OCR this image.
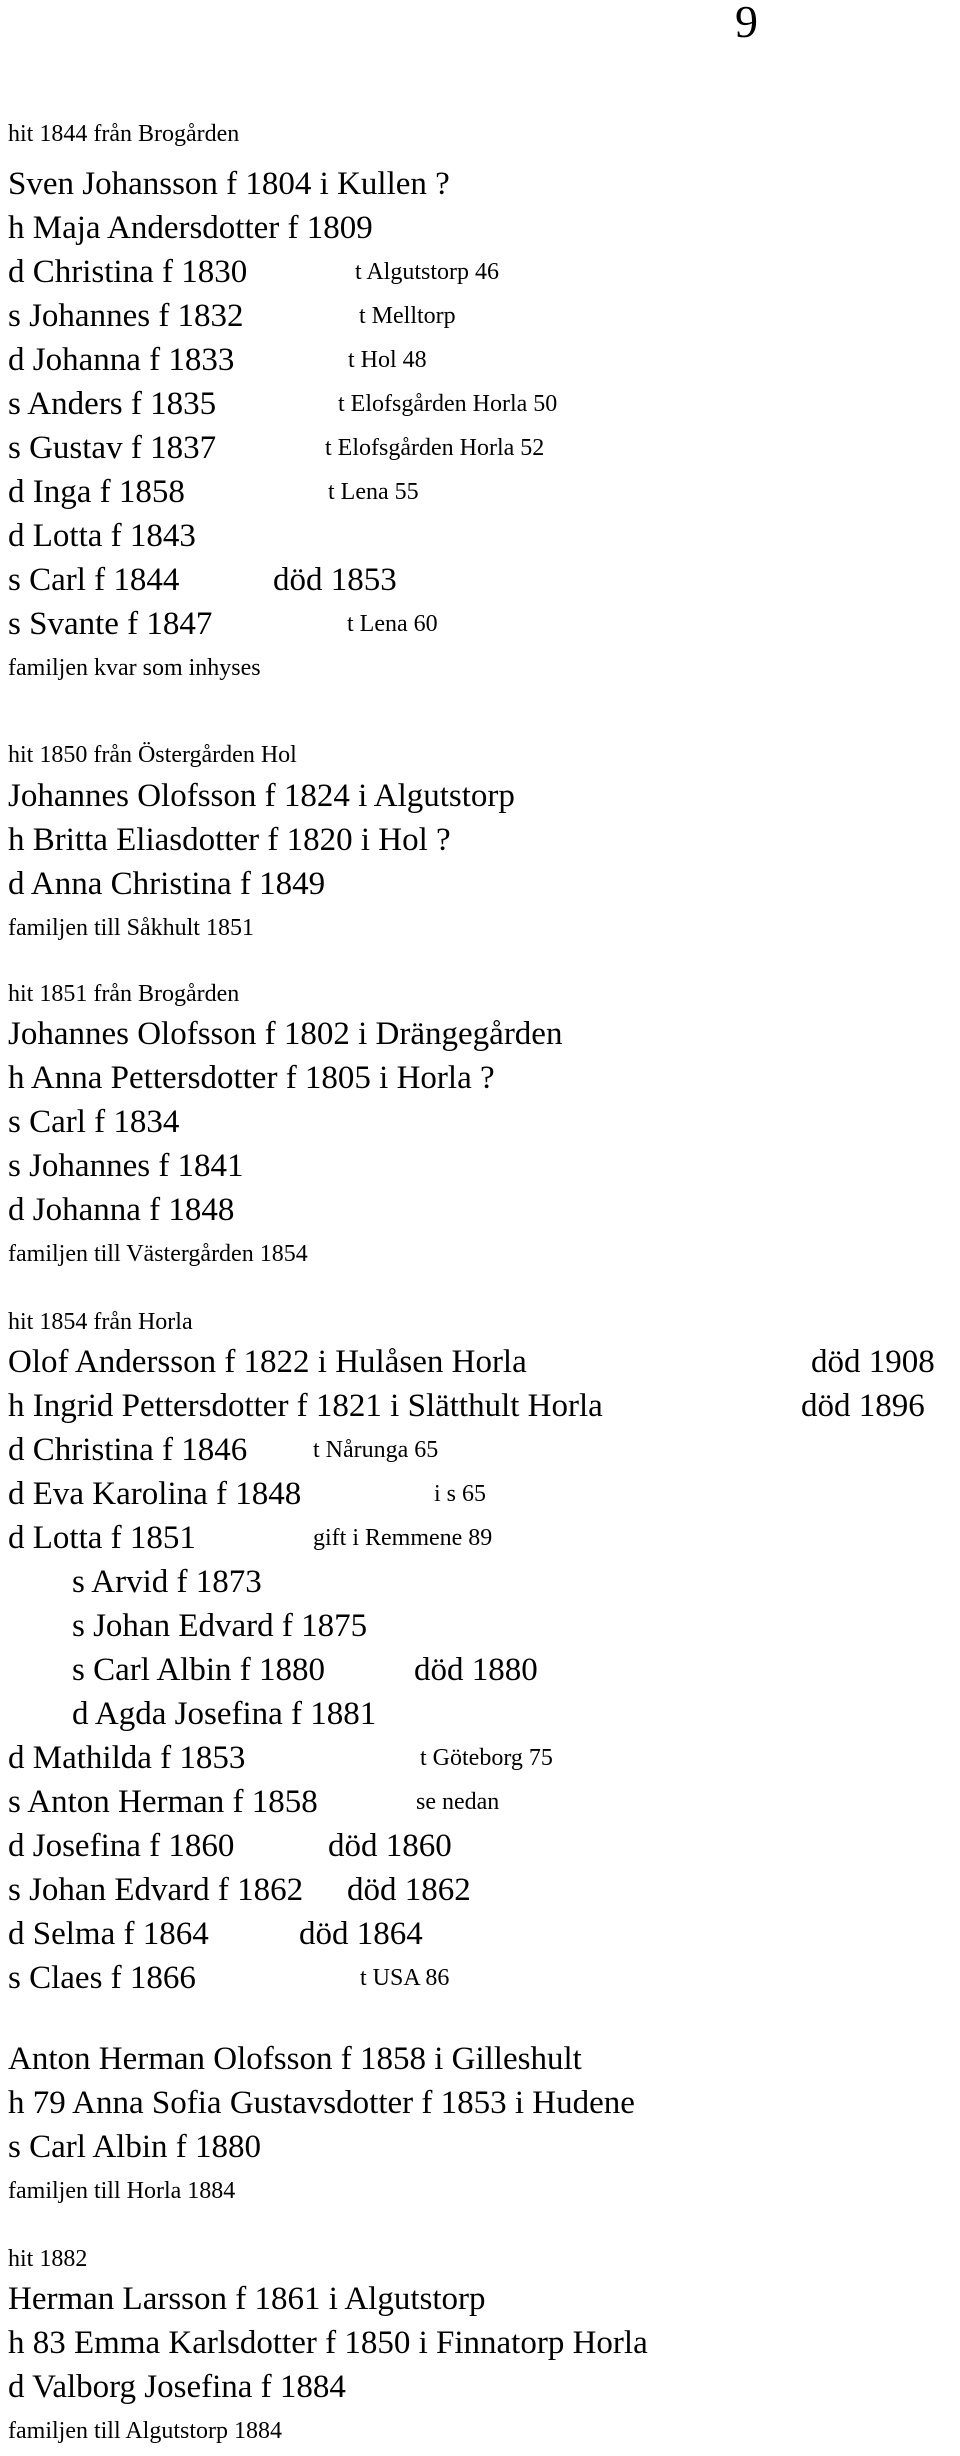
9
hit 1844 från Brogården
Sven Johansson f 1804 i Kullen ?
h Maja Andersdotter f 1809
d Christina f 1830	t Algutstorp 46
s Johannes f 1832	t Melltorp
d Johanna f 1833	t Hol 48
s Anders f 1835	t Elofsgården Horla 50
s Gustav f 1837	t Elofsgården Horla 52
d Inga f 1858	t Lena 55
d Lotta f 1843
s Carl f 1844	död 1853
s Svante f 1847	t Lena 60
familjen kvar som inhyses
hit 1850 från Östergården Hol
Johannes Olofsson f 1824 i Algutstorp
h Britta Eliasdotter f 1820 i Hol ?
d Anna Christina f 1849
familjen till Såkhult 1851
hit 1851 från Brogården
Johannes Olofsson f 1802 i Drängegården
h Anna Pettersdotter f 1805 i Horla ?
s Carl f 1834
s Johannes f 1841
d Johanna f 1848
familjen till Västergården 1854
hit 1854 från Horla
Olof Andersson f 1822 i Hulåsen Horla	död 1908
h Ingrid Pettersdotter f 1821 i Slätthult Horla	död 1896
d Christina f 1846	t Nårunga 65
d Eva Karolina f 1848	i s 65
d Lotta f 1851	gift i Remmene 89
s Arvid f 1873
s Johan Edvard f 1875
s Carl Albin f 1880	död 1880
d Agda Josefina f 1881
d Mathilda f 1853	t Göteborg 75
s Anton Herman f 1858	se nedan
d Josefina f 1860	död 1860
s Johan Edvard f 1862 död 1862
d Selma f 1864	död 1864
s Claes f 1866	t USA 86
Anton Herman Olofsson f 1858 i Gilleshult
h 79 Anna Sofia Gustavsdotter f 1853 i Hudene
s Carl Albin f 1880
familjen till Horla 1884
hit 1882
Herman Larsson f 1861 i Algutstorp
h 83 Emma Karlsdotter f 1850 i Finnatorp Horla
d Valborg Josefina f 1884
familjen till Algutstorp 1884
